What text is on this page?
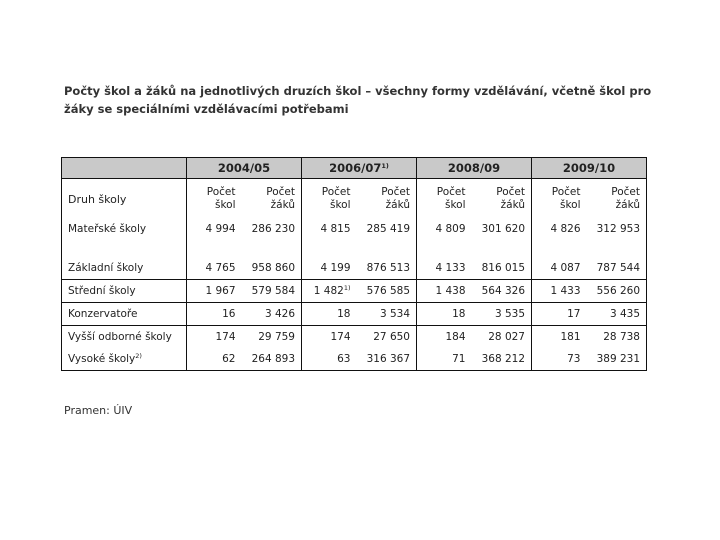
Počty škol a žáků na jednotlivých druzích škol – všechny formy vzdělávání, včetně škol pro žáky se speciálními vzdělávacími potřebami
	2004/05		2006/07$^{1)}$		2008/09		2009/10	
Druh školy	Počet škol	Počet žáků	Počet škol	Počet žáků	Počet škol	Počet žáků	Počet škol	Počet žáků
Mateřské školy	4 994	286 230	4 815	285 419	4 809	301 620	4 826	312 953
Základní školy	4 765	958 860	4 199	876 513	4 133	816 015	4 087	787 544
Střední školy	1 967	579 584	1 482$^{1)}$	576 585	1 438	564 326	1 433	556 260
Konzervatoře	16	3 426	18	3 534	18	3 535	17	3 435
Vyšší odborné školy	174	29 759	174	27 650	184	28 027	181	28 738
Vysoké školy$^{2)}$	62	264 893	63	316 367	71	368 212	73	389 231
Pramen: ÚIV
